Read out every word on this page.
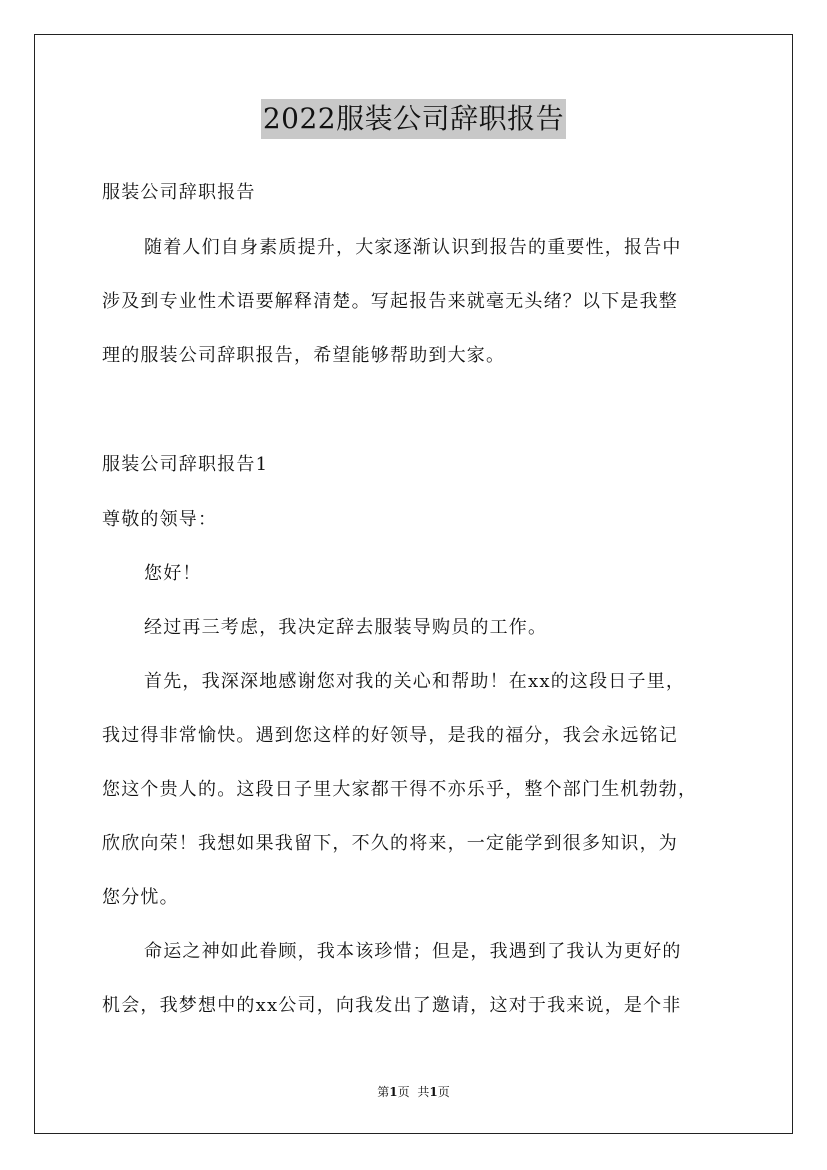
2022服装公司辞职报告
服装公司辞职报告
随着人们自身素质提升，大家逐渐认识到报告的重要性，报告中
涉及到专业性术语要解释清楚。写起报告来就毫无头绪？以下是我整
理的服装公司辞职报告，希望能够帮助到大家。
服装公司辞职报告1
尊敬的领导：
您好！
经过再三考虑，我决定辞去服装导购员的工作。
首先，我深深地感谢您对我的关心和帮助！在xx的这段日子里，
我过得非常愉快。遇到您这样的好领导，是我的福分，我会永远铭记
您这个贵人的。这段日子里大家都干得不亦乐乎，整个部门生机勃勃，
欣欣向荣！我想如果我留下，不久的将来，一定能学到很多知识，为
您分忧。
命运之神如此眷顾，我本该珍惜；但是，我遇到了我认为更好的
机会，我梦想中的xx公司，向我发出了邀请，这对于我来说，是个非
第1页 共1页
